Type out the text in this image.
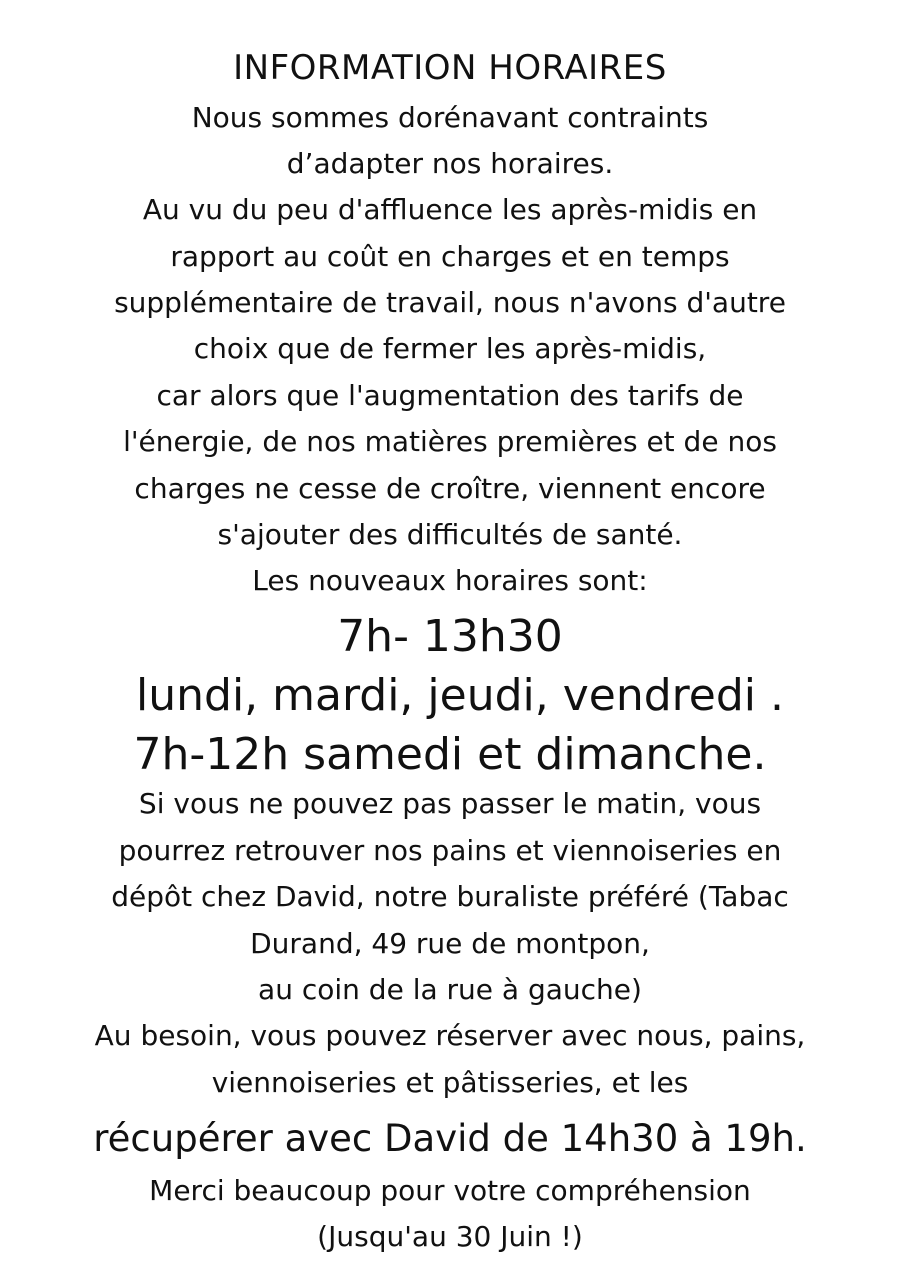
INFORMATION HORAIRES
Nous sommes dorénavant contraints
d’adapter nos horaires.
Au vu du peu d'affluence les après-midis en
rapport au coût en charges et en temps
supplémentaire de travail, nous n'avons d'autre
choix que de fermer les après-midis,
car alors que l'augmentation des tarifs de
l'énergie, de nos matières premières et de nos
charges ne cesse de croître, viennent encore
s'ajouter des difficultés de santé.
Les nouveaux horaires sont:
7h- 13h30
lundi, mardi, jeudi, vendredi .
7h-12h samedi et dimanche.
Si vous ne pouvez pas passer le matin, vous
pourrez retrouver nos pains et viennoiseries en
dépôt chez David, notre buraliste préféré (Tabac
Durand, 49 rue de montpon,
au coin de la rue à gauche)
Au besoin, vous pouvez réserver avec nous, pains,
viennoiseries et pâtisseries, et les
récupérer avec David de 14h30 à 19h.
Merci beaucoup pour votre compréhension
(Jusqu'au 30 Juin !)
